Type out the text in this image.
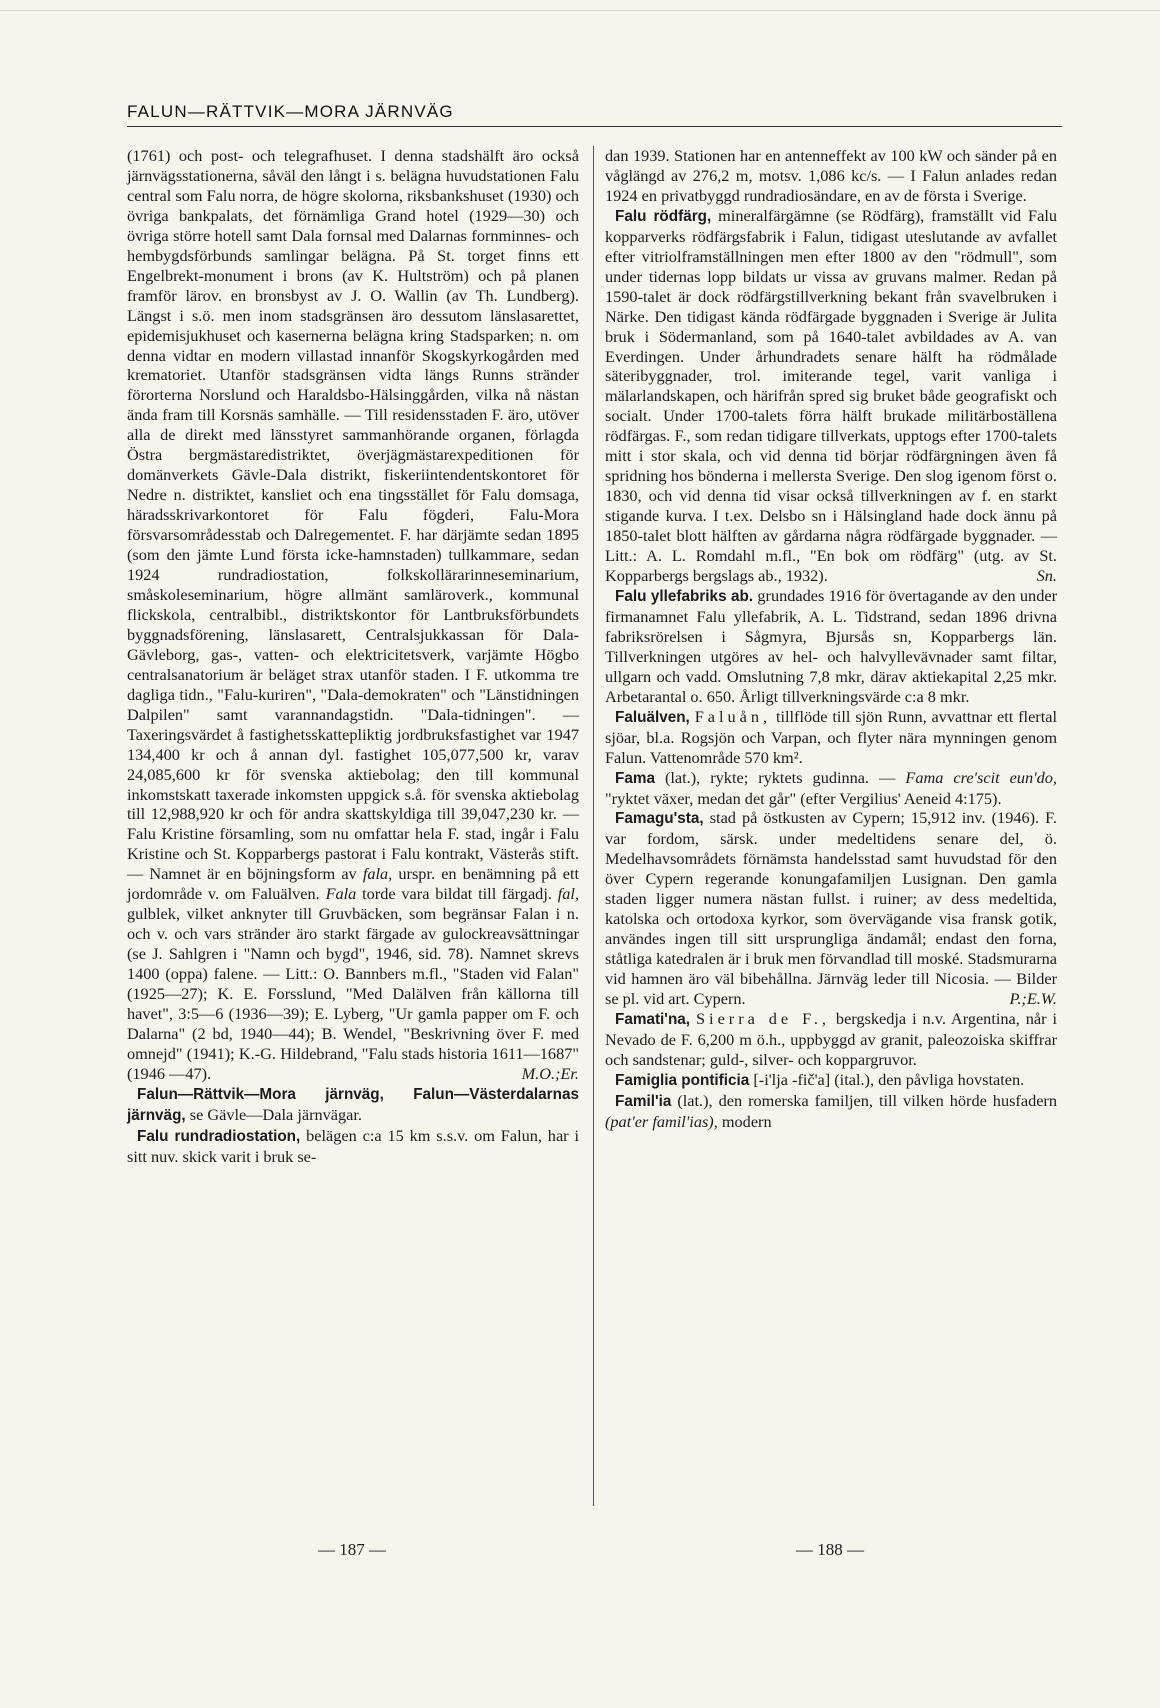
FALUN—RÄTTVIK—MORA JÄRNVÄG

(1761) och post- och telegrafhuset. I denna stadshälft äro också järnvägsstationerna, såväl den långt i s. belägna huvudstationen Falu central som Falu norra, de högre skolorna, riksbankshuset (1930) och övriga bankpalats, det förnämliga Grand hotel (1929—30) och övriga större hotell samt Dala fornsal med Dalarnas fornminnes- och hembygdsförbunds samlingar belägna. På St. torget finns ett Engelbrekt-monument i brons (av K. Hultström) och på planen framför lärov. en bronsbyst av J. O. Wallin (av Th. Lundberg). Längst i s.ö. men inom stadsgränsen äro dessutom länslasarettet, epidemisjukhuset och kasernerna belägna kring Stadsparken; n. om denna vidtar en modern villastad innanför Skogskyrkogården med krematoriet. Utanför stadsgränsen vidta längs Runns stränder förorterna Norslund och Haraldsbo-Hälsinggården, vilka nå nästan ända fram till Korsnäs samhälle. — Till residensstaden F. äro, utöver alla de direkt med länsstyret sammanhörande organen, förlagda Östra bergmästaredistriktet, överjägmästarexpeditionen för domänverkets Gävle-Dala distrikt, fiskeriintendentskontoret för Nedre n. distriktet, kansliet och ena tingsstället för Falu domsaga, häradsskrivarkontoret för Falu fögderi, Falu-Mora försvarsområdesstab och Dalregementet. F. har därjämte sedan 1895 (som den jämte Lund första icke-hamnstaden) tullkammare, sedan 1924 rundradiostation, folkskollärarinneseminarium, småskoleseminarium, högre allmänt samläroverk., kommunal flickskola, centralbibl., distriktskontor för Lantbruksförbundets byggnadsförening, länslasarett, Centralsjukkassan för Dala-Gävleborg, gas-, vatten- och elektricitetsverk, varjämte Högbo centralsanatorium är beläget strax utanför staden. I F. utkomma tre dagliga tidn., "Falu-kuriren", "Dala-demokraten" och "Länstidningen Dalpilen" samt varannandagstidn. "Dala-tidningen". — Taxeringsvärdet å fastighetsskattepliktig jordbruksfastighet var 1947 134,400 kr och å annan dyl. fastighet 105,077,500 kr, varav 24,085,600 kr för svenska aktiebolag; den till kommunal inkomstskatt taxerade inkomsten uppgick s.å. för svenska aktiebolag till 12,988,920 kr och för andra skattskyldiga till 39,047,230 kr. — Falu Kristine församling, som nu omfattar hela F. stad, ingår i Falu Kristine och St. Kopparbergs pastorat i Falu kontrakt, Västerås stift. — Namnet är en böjningsform av fala, urspr. en benämning på ett jordområde v. om Faluälven. Fala torde vara bildat till färgadj. fal, gulblek, vilket anknyter till Gruvbäcken, som begränsar Falan i n. och v. och vars stränder äro starkt färgade av gulockreavsättningar (se J. Sahlgren i "Namn och bygd", 1946, sid. 78). Namnet skrevs 1400 (oppa) falene. — Litt.: O. Bannbers m.fl., "Staden vid Falan" (1925—27); K. E. Forsslund, "Med Dalälven från källorna till havet", 3:5—6 (1936—39); E. Lyberg, "Ur gamla papper om F. och Dalarna" (2 bd, 1940—44); B. Wendel, "Beskrivning över F. med omnejd" (1941); K.-G. Hildebrand, "Falu stads historia 1611—1687" (1946 —47).	M.O.;Er.

Falun—Rättvik—Mora järnväg, Falun—Västerdalarnas järnväg, se Gävle—Dala järnvägar.

Falu rundradiostation, belägen c:a 15 km s.s.v. om Falun, har i sitt nuv. skick varit i bruk se-

dan 1939. Stationen har en antenneffekt av 100 kW och sänder på en våglängd av 276,2 m, motsv. 1,086 kc/s. — I Falun anlades redan 1924 en privatbyggd rundradiosändare, en av de första i Sverige.

Falu rödfärg, mineralfärgämne (se Rödfärg), framställt vid Falu kopparverks rödfärgsfabrik i Falun, tidigast uteslutande av avfallet efter vitriolframställningen men efter 1800 av den "rödmull", som under tidernas lopp bildats ur vissa av gruvans malmer. Redan på 1590-talet är dock rödfärgstillverkning bekant från svavelbruken i Närke. Den tidigast kända rödfärgade byggnaden i Sverige är Julita bruk i Södermanland, som på 1640-talet avbildades av A. van Everdingen. Under århundradets senare hälft ha rödmålade säteribyggnader, trol. imiterande tegel, varit vanliga i mälarlandskapen, och härifrån spred sig bruket både geografiskt och socialt. Under 1700-talets förra hälft brukade militärboställena rödfärgas. F., som redan tidigare tillverkats, upptogs efter 1700-talets mitt i stor skala, och vid denna tid börjar rödfärgningen även få spridning hos bönderna i mellersta Sverige. Den slog igenom först o. 1830, och vid denna tid visar också tillverkningen av f. en starkt stigande kurva. I t.ex. Delsbo sn i Hälsingland hade dock ännu på 1850-talet blott hälften av gårdarna några rödfärgade byggnader. — Litt.: A. L. Romdahl m.fl., "En bok om rödfärg" (utg. av St. Kopparbergs bergslags ab., 1932).	Sn.

Falu yllefabriks ab. grundades 1916 för övertagande av den under firmanamnet Falu yllefabrik, A. L. Tidstrand, sedan 1896 drivna fabriksrörelsen i Sågmyra, Bjursås sn, Kopparbergs län. Tillverkningen utgöres av hel- och halvyllevävnader samt filtar, ullgarn och vadd. Omslutning 7,8 mkr, därav aktiekapital 2,25 mkr. Arbetarantal o. 650. Årligt tillverkningsvärde c:a 8 mkr.

Faluälven, Faluån, tillflöde till sjön Runn, avvattnar ett flertal sjöar, bl.a. Rogsjön och Varpan, och flyter nära mynningen genom Falun. Vattenområde 570 km².

Fama (lat.), rykte; ryktets gudinna. — Fama cre'scit eun'do, "ryktet växer, medan det går" (efter Vergilius' Aeneid 4:175).

Famagu'sta, stad på östkusten av Cypern; 15,912 inv. (1946). F. var fordom, särsk. under medeltidens senare del, ö. Medelhavsområdets förnämsta handelsstad samt huvudstad för den över Cypern regerande konungafamiljen Lusignan. Den gamla staden ligger numera nästan fullst. i ruiner; av dess medeltida, katolska och ortodoxa kyrkor, som övervägande visa fransk gotik, användes ingen till sitt ursprungliga ändamål; endast den forna, ståtliga katedralen är i bruk men förvandlad till moské. Stadsmurarna vid hamnen äro väl bibehållna. Järnväg leder till Nicosia. — Bilder se pl. vid art. Cypern.	P.;E.W.

Famati'na, Sierra de F., bergskedja i n.v. Argentina, når i Nevado de F. 6,200 m ö.h., uppbyggd av granit, paleozoiska skiffrar och sandstenar; guld-, silver- och koppargruvor.

Famiglia pontificia [-i'lja -fič'a] (ital.), den påvliga hovstaten.

Famil'ia (lat.), den romerska familjen, till vilken hörde husfadern (pat'er famil'ias), modern

— 187 —	— 188 —
